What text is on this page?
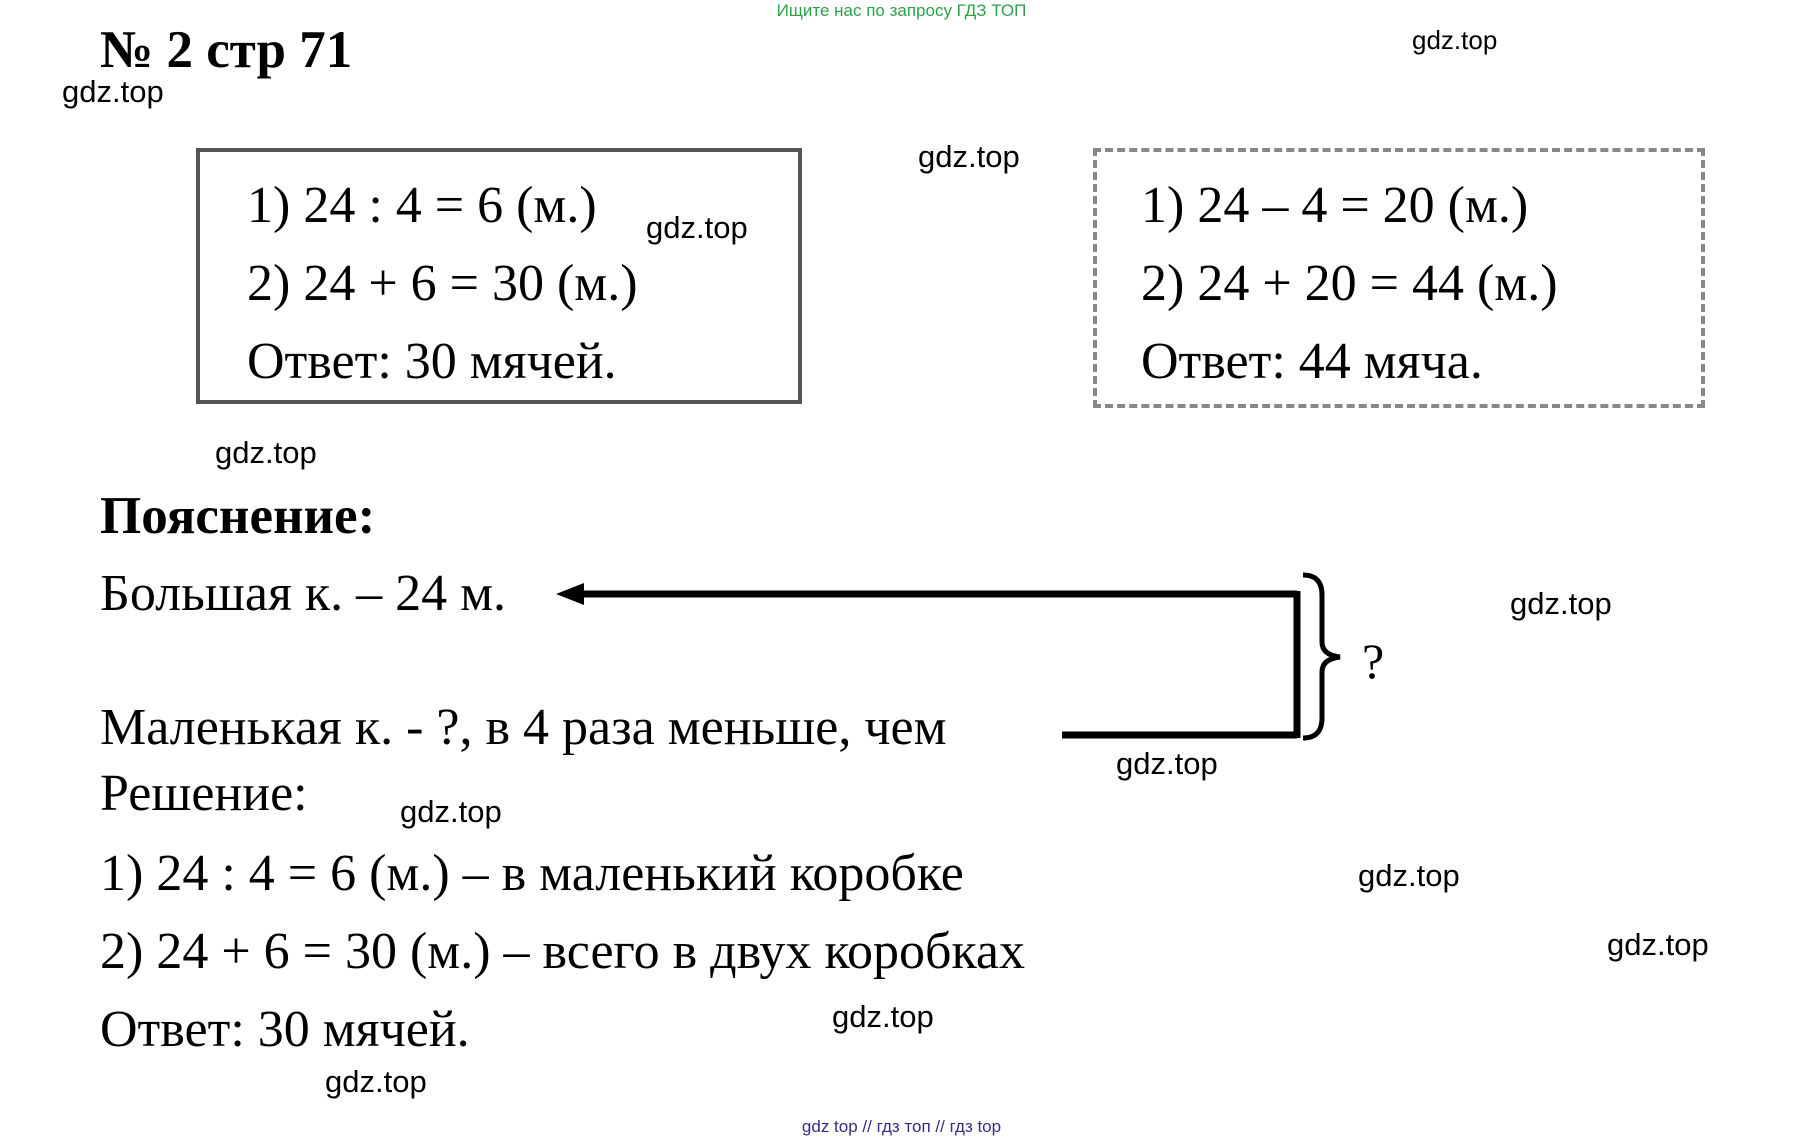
Ищите нас по запросу ГДЗ ТОП
№ 2 стр 71
gdz.top
gdz.top
gdz.top
gdz.top
gdz.top
gdz.top
gdz.top
gdz.top
gdz.top
gdz.top
gdz.top
gdz.top
1) 24 : 4 = 6 (м.)
2) 24 + 6 = 30 (м.)
Ответ: 30 мячей.
1) 24 – 4 = 20 (м.)
2) 24 + 20 = 44 (м.)
Ответ: 44 мяча.
Пояснение:
Большая к. – 24 м.
Маленькая к. - ?, в 4 раза меньше, чем
?
Решение:
1) 24 : 4 = 6 (м.) – в маленький коробке
2) 24 + 6 = 30 (м.) – всего в двух коробках
Ответ: 30 мячей.
gdz top // гдз топ // гдз top
